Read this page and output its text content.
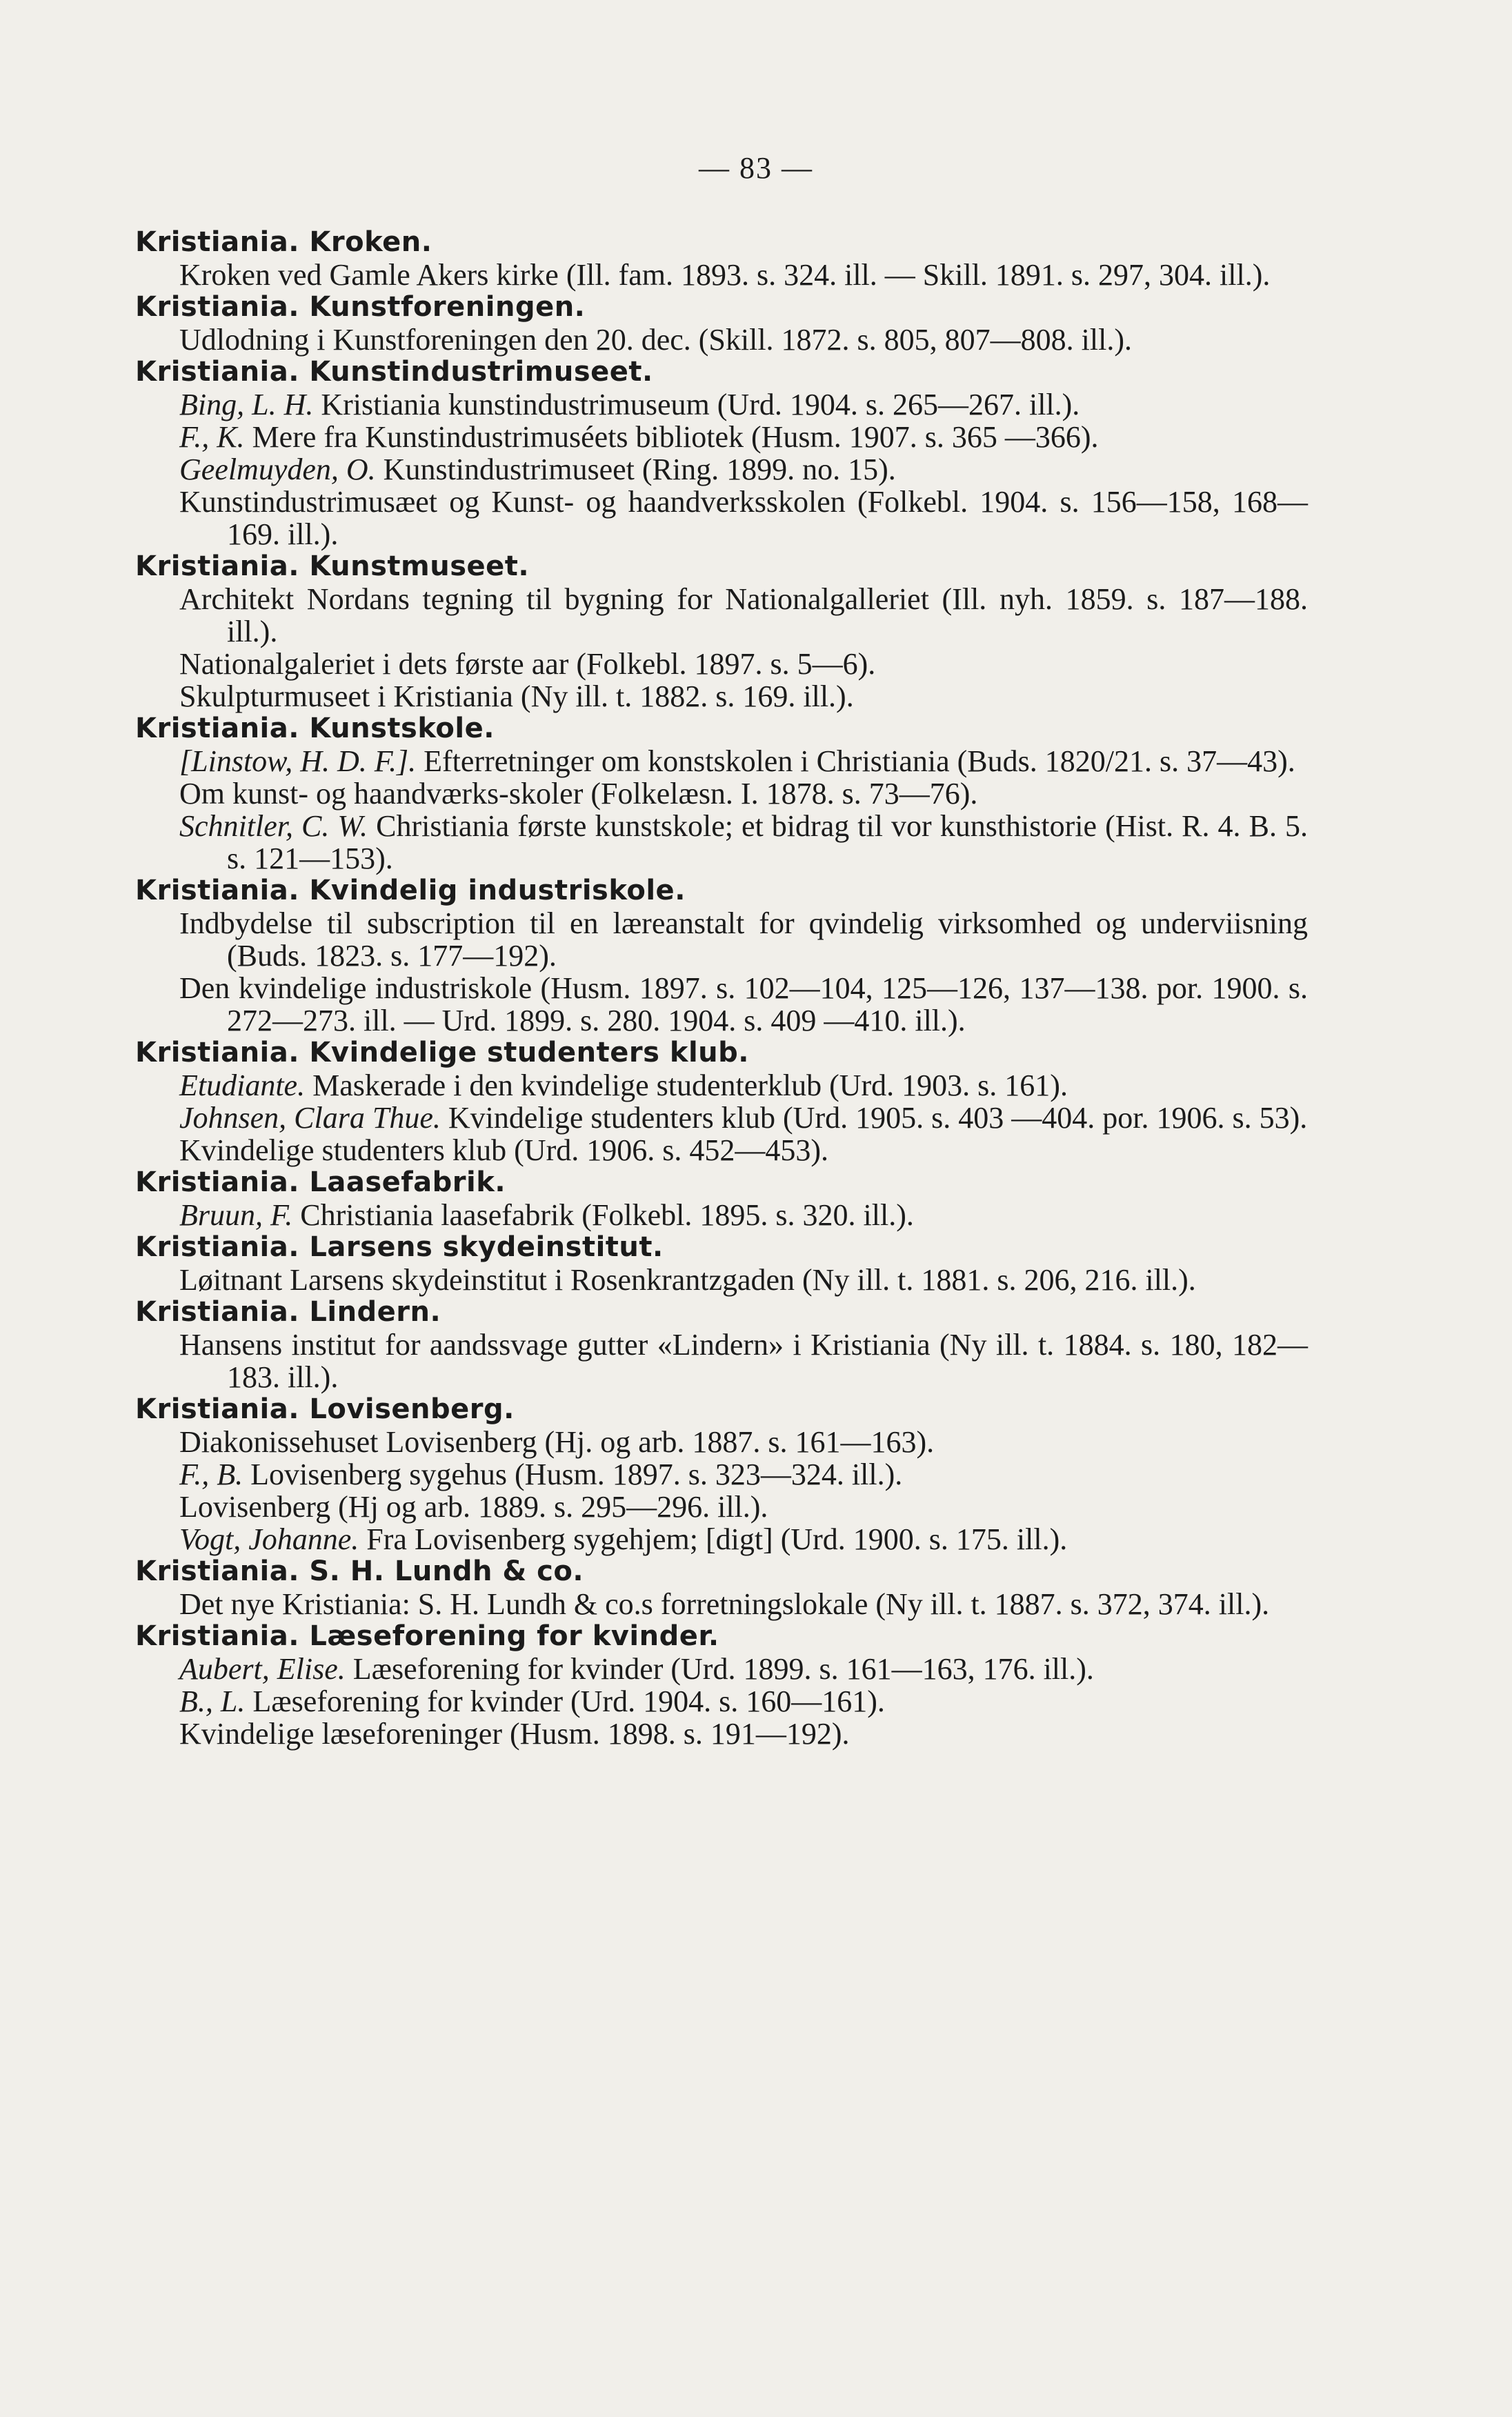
— 83 —
Kristiania. Kroken.
Kroken ved Gamle Akers kirke (Ill. fam. 1893. s. 324. ill. — Skill. 1891. s. 297, 304. ill.).
Kristiania. Kunstforeningen.
Udlodning i Kunstforeningen den 20. dec. (Skill. 1872. s. 805, 807—808. ill.).
Kristiania. Kunstindustrimuseet.
Bing, L. H. Kristiania kunstindustrimuseum (Urd. 1904. s. 265—267. ill.).
F., K. Mere fra Kunstindustrimuséets bibliotek (Husm. 1907. s. 365 —366).
Geelmuyden, O. Kunstindustrimuseet (Ring. 1899. no. 15).
Kunstindustrimusæet og Kunst- og haandverksskolen (Folkebl. 1904. s. 156—158, 168—169. ill.).
Kristiania. Kunstmuseet.
Architekt Nordans tegning til bygning for Nationalgalleriet (Ill. nyh. 1859. s. 187—188. ill.).
Nationalgaleriet i dets første aar (Folkebl. 1897. s. 5—6).
Skulpturmuseet i Kristiania (Ny ill. t. 1882. s. 169. ill.).
Kristiania. Kunstskole.
[Linstow, H. D. F.]. Efterretninger om konstskolen i Christiania (Buds. 1820/21. s. 37—43).
Om kunst- og haandværks-skoler (Folkelæsn. I. 1878. s. 73—76).
Schnitler, C. W. Christiania første kunstskole; et bidrag til vor kunsthistorie (Hist. R. 4. B. 5. s. 121—153).
Kristiania. Kvindelig industriskole.
Indbydelse til subscription til en læreanstalt for qvindelig virksomhed og underviisning (Buds. 1823. s. 177—192).
Den kvindelige industriskole (Husm. 1897. s. 102—104, 125—126, 137—138. por. 1900. s. 272—273. ill. — Urd. 1899. s. 280. 1904. s. 409 —410. ill.).
Kristiania. Kvindelige studenters klub.
Etudiante. Maskerade i den kvindelige studenterklub (Urd. 1903. s. 161).
Johnsen, Clara Thue. Kvindelige studenters klub (Urd. 1905. s. 403 —404. por. 1906. s. 53).
Kvindelige studenters klub (Urd. 1906. s. 452—453).
Kristiania. Laasefabrik.
Bruun, F. Christiania laasefabrik (Folkebl. 1895. s. 320. ill.).
Kristiania. Larsens skydeinstitut.
Løitnant Larsens skydeinstitut i Rosenkrantzgaden (Ny ill. t. 1881. s. 206, 216. ill.).
Kristiania. Lindern.
Hansens institut for aandssvage gutter «Lindern» i Kristiania (Ny ill. t. 1884. s. 180, 182—183. ill.).
Kristiania. Lovisenberg.
Diakonissehuset Lovisenberg (Hj. og arb. 1887. s. 161—163).
F., B. Lovisenberg sygehus (Husm. 1897. s. 323—324. ill.).
Lovisenberg (Hj og arb. 1889. s. 295—296. ill.).
Vogt, Johanne. Fra Lovisenberg sygehjem; [digt] (Urd. 1900. s. 175. ill.).
Kristiania. S. H. Lundh & co.
Det nye Kristiania: S. H. Lundh & co.s forretningslokale (Ny ill. t. 1887. s. 372, 374. ill.).
Kristiania. Læseforening for kvinder.
Aubert, Elise. Læseforening for kvinder (Urd. 1899. s. 161—163, 176. ill.).
B., L. Læseforening for kvinder (Urd. 1904. s. 160—161).
Kvindelige læseforeninger (Husm. 1898. s. 191—192).
